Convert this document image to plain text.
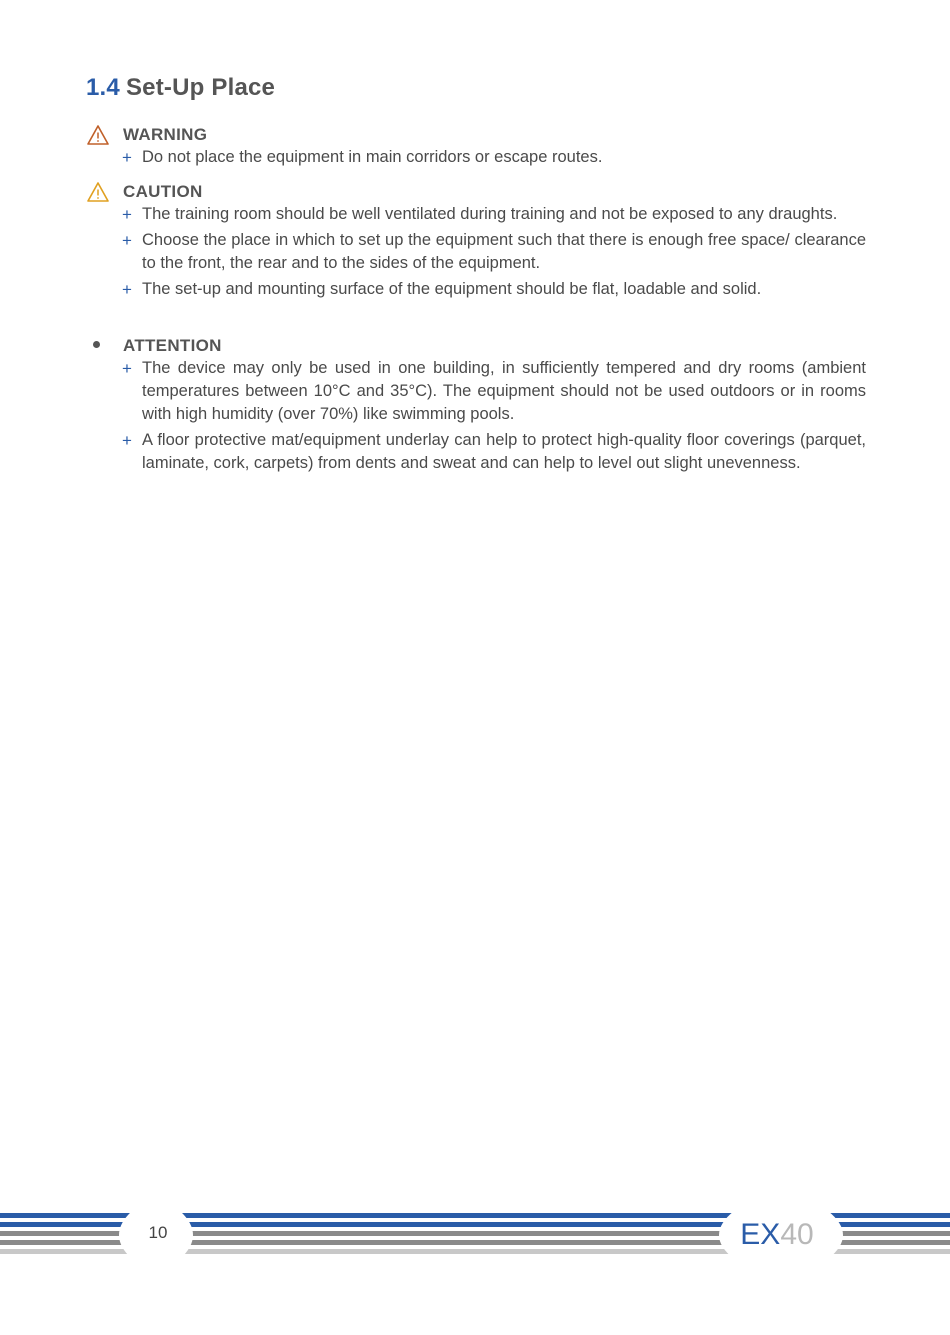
1.4 Set-Up Place
WARNING
+ Do not place the equipment in main corridors or escape routes.
CAUTION
+ The training room should be well ventilated during training and not be exposed to any draughts.
+ Choose the place in which to set up the equipment such that there is enough free space/ clearance to the front, the rear and to the sides of the equipment.
+ The set-up and mounting surface of the equipment should be flat, loadable and solid.
ATTENTION
+ The device may only be used in one building, in sufficiently tempered and dry rooms (ambient temperatures between 10°C and 35°C). The equipment should not be used outdoors or in rooms with high humidity (over 70%) like swimming pools.
+ A floor protective mat/equipment underlay can help to protect high-quality floor coverings (parquet, laminate, cork, carpets) from dents and sweat and can help to level out slight unevenness.
10	EX40
